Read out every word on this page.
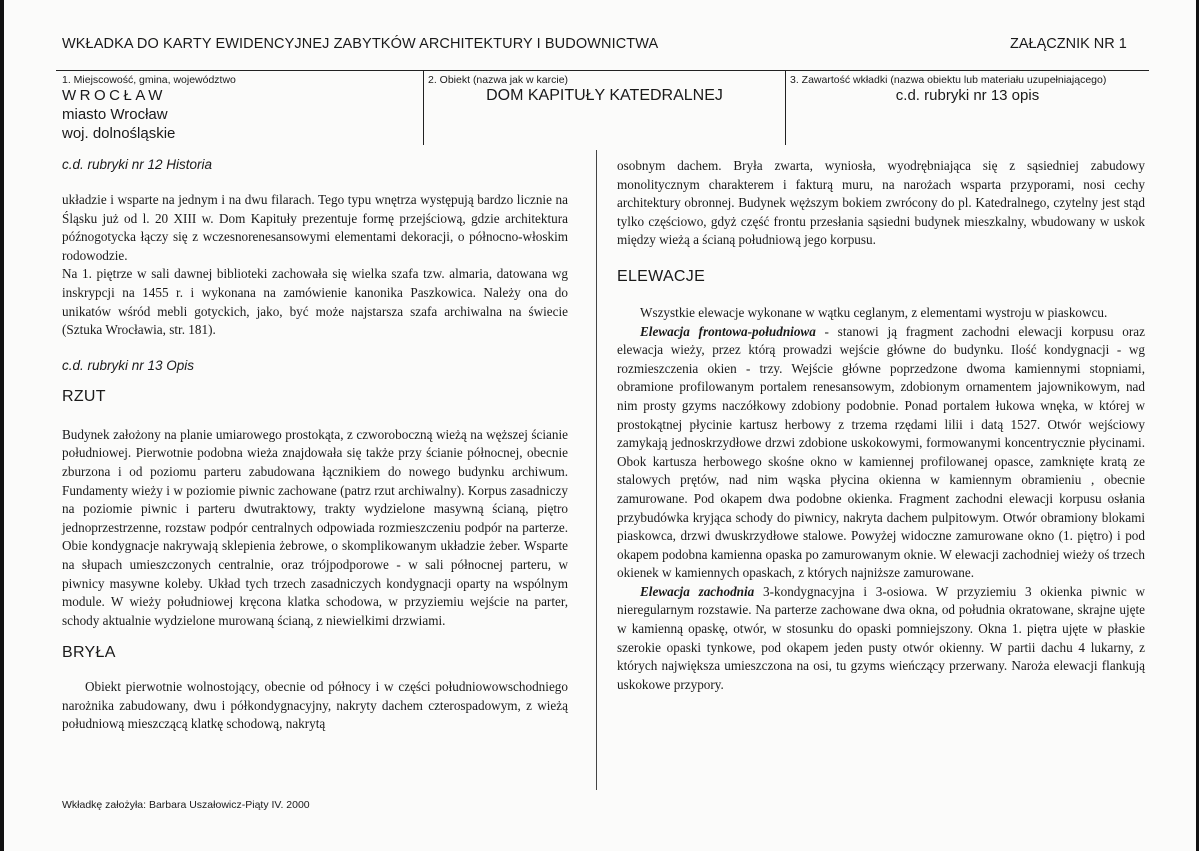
WKŁADKA DO KARTY EWIDENCYJNEJ ZABYTKÓW ARCHITEKTURY I BUDOWNICTWA	ZAŁĄCZNIK NR 1
1. Miejscowość, gmina, województwo
WROCŁAW
miasto Wrocław
woj. dolnośląskie
2. Obiekt (nazwa jak w karcie)
DOM KAPITUŁY KATEDRALNEJ
3. Zawartość wkładki (nazwa obiektu lub materiału uzupełniającego)
c.d. rubryki nr 13 opis
c.d. rubryki nr 12 Historia

układzie i wsparte na jednym i na dwu filarach. Tego typu wnętrza występują bardzo licznie na Śląsku już od l. 20 XIII w. Dom Kapituły prezentuje formę przejściową, gdzie architektura późnogotycka łączy się z wczesnorenesansowymi elementami dekoracji, o północno-włoskim rodowodzie.

Na 1. piętrze w sali dawnej biblioteki zachowała się wielka szafa tzw. almaria, datowana wg inskrypcji na 1455 r. i wykonana na zamówienie kanonika Paszkowica. Należy ona do unikatów wśród mebli gotyckich, jako, być może najstarsza szafa archiwalna na świecie (Sztuka Wrocławia, str. 181).

c.d. rubryki nr 13 Opis
RZUT

Budynek założony na planie umiarowego prostokąta, z czworoboczną wieżą na węższej ścianie południowej. Pierwotnie podobna wieża znajdowała się także przy ścianie północnej, obecnie zburzona i od poziomu parteru zabudowana łącznikiem do nowego budynku archiwum. Fundamenty wieży i w poziomie piwnic zachowane (patrz rzut archiwalny). Korpus zasadniczy na poziomie piwnic i parteru dwutraktowy, trakty wydzielone masywną ścianą, piętro jednoprzestrzenne, rozstaw podpór centralnych odpowiada rozmieszczeniu podpór na parterze. Obie kondygnacje nakrywają sklepienia żebrowe, o skomplikowanym układzie żeber. Wsparte na słupach umieszczonych centralnie, oraz trójpodporowe - w sali północnej parteru, w piwnicy masywne koleby. Układ tych trzech zasadniczych kondygnacji oparty na wspólnym module. W wieży południowej kręcona klatka schodowa, w przyziemiu wejście na parter, schody aktualnie wydzielone murowaną ścianą, z niewielkimi drzwiami.

BRYŁA

Obiekt pierwotnie wolnostojący, obecnie od północy i w części południowowschodniego narożnika zabudowany, dwu i półkondygnacyjny, nakryty dachem czterospadowym, z wieżą południową mieszczącą klatkę schodową, nakrytą

osobnym dachem. Bryła zwarta, wyniosła, wyodrębniająca się z sąsiedniej zabudowy monolitycznym charakterem i fakturą muru, na narożach wsparta przyporami, nosi cechy architektury obronnej. Budynek węższym bokiem zwrócony do pl. Katedralnego, czytelny jest stąd tylko częściowo, gdyż część frontu przesłania sąsiedni budynek mieszkalny, wbudowany w uskok między wieżą a ścianą południową jego korpusu.

ELEWACJE

Wszystkie elewacje wykonane w wątku ceglanym, z elementami wystroju w piaskowcu.

Elewacja frontowa-południowa - stanowi ją fragment zachodni elewacji korpusu oraz elewacja wieży, przez którą prowadzi wejście główne do budynku. Ilość kondygnacji - wg rozmieszczenia okien - trzy. Wejście główne poprzedzone dwoma kamiennymi stopniami, obramione profilowanym portalem renesansowym, zdobionym ornamentem jajownikowym, nad nim prosty gzyms naczółkowy zdobiony podobnie. Ponad portalem łukowa wnęka, w której w prostokątnej płycinie kartusz herbowy z trzema rzędami lilii i datą 1527. Otwór wejściowy zamykają jednoskrzydłowe drzwi zdobione uskokowymi, formowanymi koncentrycznie płycinami. Obok kartusza herbowego skośne okno w kamiennej profilowanej opasce, zamknięte kratą ze stalowych prętów, nad nim wąska płycina okienna w kamiennym obramieniu , obecnie zamurowane. Pod okapem dwa podobne okienka. Fragment zachodni elewacji korpusu osłania przybudówka kryjąca schody do piwnicy, nakryta dachem pulpitowym. Otwór obramiony blokami piaskowca, drzwi dwuskrzydłowe stalowe. Powyżej widoczne zamurowane okno (1. piętro) i pod okapem podobna kamienna opaska po zamurowanym oknie. W elewacji zachodniej wieży oś trzech okienek w kamiennych opaskach, z których najniższe zamurowane.

Elewacja zachodnia 3-kondygnacyjna i 3-osiowa. W przyziemiu 3 okienka piwnic w nieregularnym rozstawie. Na parterze zachowane dwa okna, od południa okratowane, skrajne ujęte w kamienną opaskę, otwór, w stosunku do opaski pomniejszony. Okna 1. piętra ujęte w płaskie szerokie opaski tynkowe, pod okapem jeden pusty otwór okienny. W partii dachu 4 lukarny, z których największa umieszczona na osi, tu gzyms wieńczący przerwany. Naroża elewacji flankują uskokowe przypory.

Wkładkę założyła: Barbara Uszałowicz-Piąty IV. 2000
